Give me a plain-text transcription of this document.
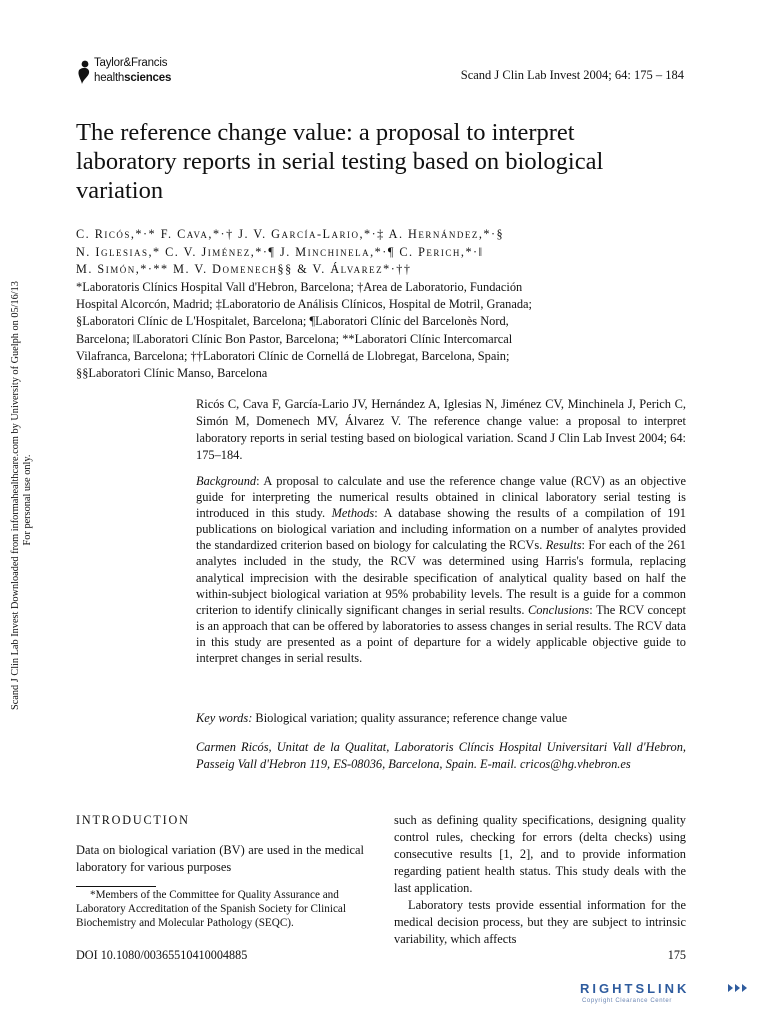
Taylor&Francis
healthsciences	Scand J Clin Lab Invest 2004; 64: 175 – 184
The reference change value: a proposal to interpret laboratory reports in serial testing based on biological variation
C. Ricós,*·* F. Cava,*·† J. V. García-Lario,*·‡ A. Hernández,*·§
N. Iglesias,* C. V. Jiménez,*·¶ J. Minchinela,*·¶ C. Perich,*·‖
M. Simón,*·** M. V. Domenech§§ & V. Álvarez*·††
*Laboratoris Clínics Hospital Vall d'Hebron, Barcelona; †Area de Laboratorio, Fundación
Hospital Alcorcón, Madrid; ‡Laboratorio de Análisis Clínicos, Hospital de Motril, Granada;
§Laboratori Clínic de L'Hospitalet, Barcelona; ¶Laboratori Clínic del Barcelonès Nord,
Barcelona; ‖Laboratori Clínic Bon Pastor, Barcelona; **Laboratori Clínic Intercomarcal
Vilafranca, Barcelona; ††Laboratori Clínic de Cornellá de Llobregat, Barcelona, Spain;
§§Laboratori Clínic Manso, Barcelona

Ricós C, Cava F, García-Lario JV, Hernández A, Iglesias N, Jiménez CV, Minchinela J, Perich C, Simón M, Domenech MV, Álvarez V. The reference change value: a proposal to interpret laboratory reports in serial testing based on biological variation. Scand J Clin Lab Invest 2004; 64: 175–184.

Background: A proposal to calculate and use the reference change value (RCV) as an objective guide for interpreting the numerical results obtained in clinical laboratory serial testing is introduced in this study. Methods: A database showing the results of a compilation of 191 publications on biological variation and including information on a number of analytes provided the standardized criterion based on biology for calculating the RCVs. Results: For each of the 261 analytes included in the study, the RCV was determined using Harris's formula, replacing analytical imprecision with the desirable specification of analytical quality based on half the within-subject biological variation at 95% probability levels. The result is a guide for a common criterion to identify clinically significant changes in serial results. Conclusions: The RCV concept is an approach that can be offered by laboratories to assess changes in serial results. The RCV data in this study are presented as a point of departure for a widely applicable objective guide to interpret changes in serial results.

Key words: Biological variation; quality assurance; reference change value

Carmen Ricós, Unitat de la Qualitat, Laboratoris Clíncis Hospital Universitari Vall d'Hebron, Passeig Vall d'Hebron 119, ES-08036, Barcelona, Spain. E-mail. cricos@hg.vhebron.es

INTRODUCTION

Data on biological variation (BV) are used in the medical laboratory for various purposes

*Members of the Committee for Quality Assurance and Laboratory Accreditation of the Spanish Society for Clinical Biochemistry and Molecular Pathology (SEQC).

DOI 10.1080/00365510410004885

such as defining quality specifications, designing quality control rules, checking for errors (delta checks) using consecutive results [1, 2], and to provide information regarding patient health status. This study deals with the last application.

Laboratory tests provide essential information for the medical decision process, but they are subject to intrinsic variability, which affects

175
Scand J Clin Lab Invest Downloaded from informahealthcare.com by University of Guelph on 05/16/13 For personal use only.
RIGHTSLINK
Copyright Clearance Center
